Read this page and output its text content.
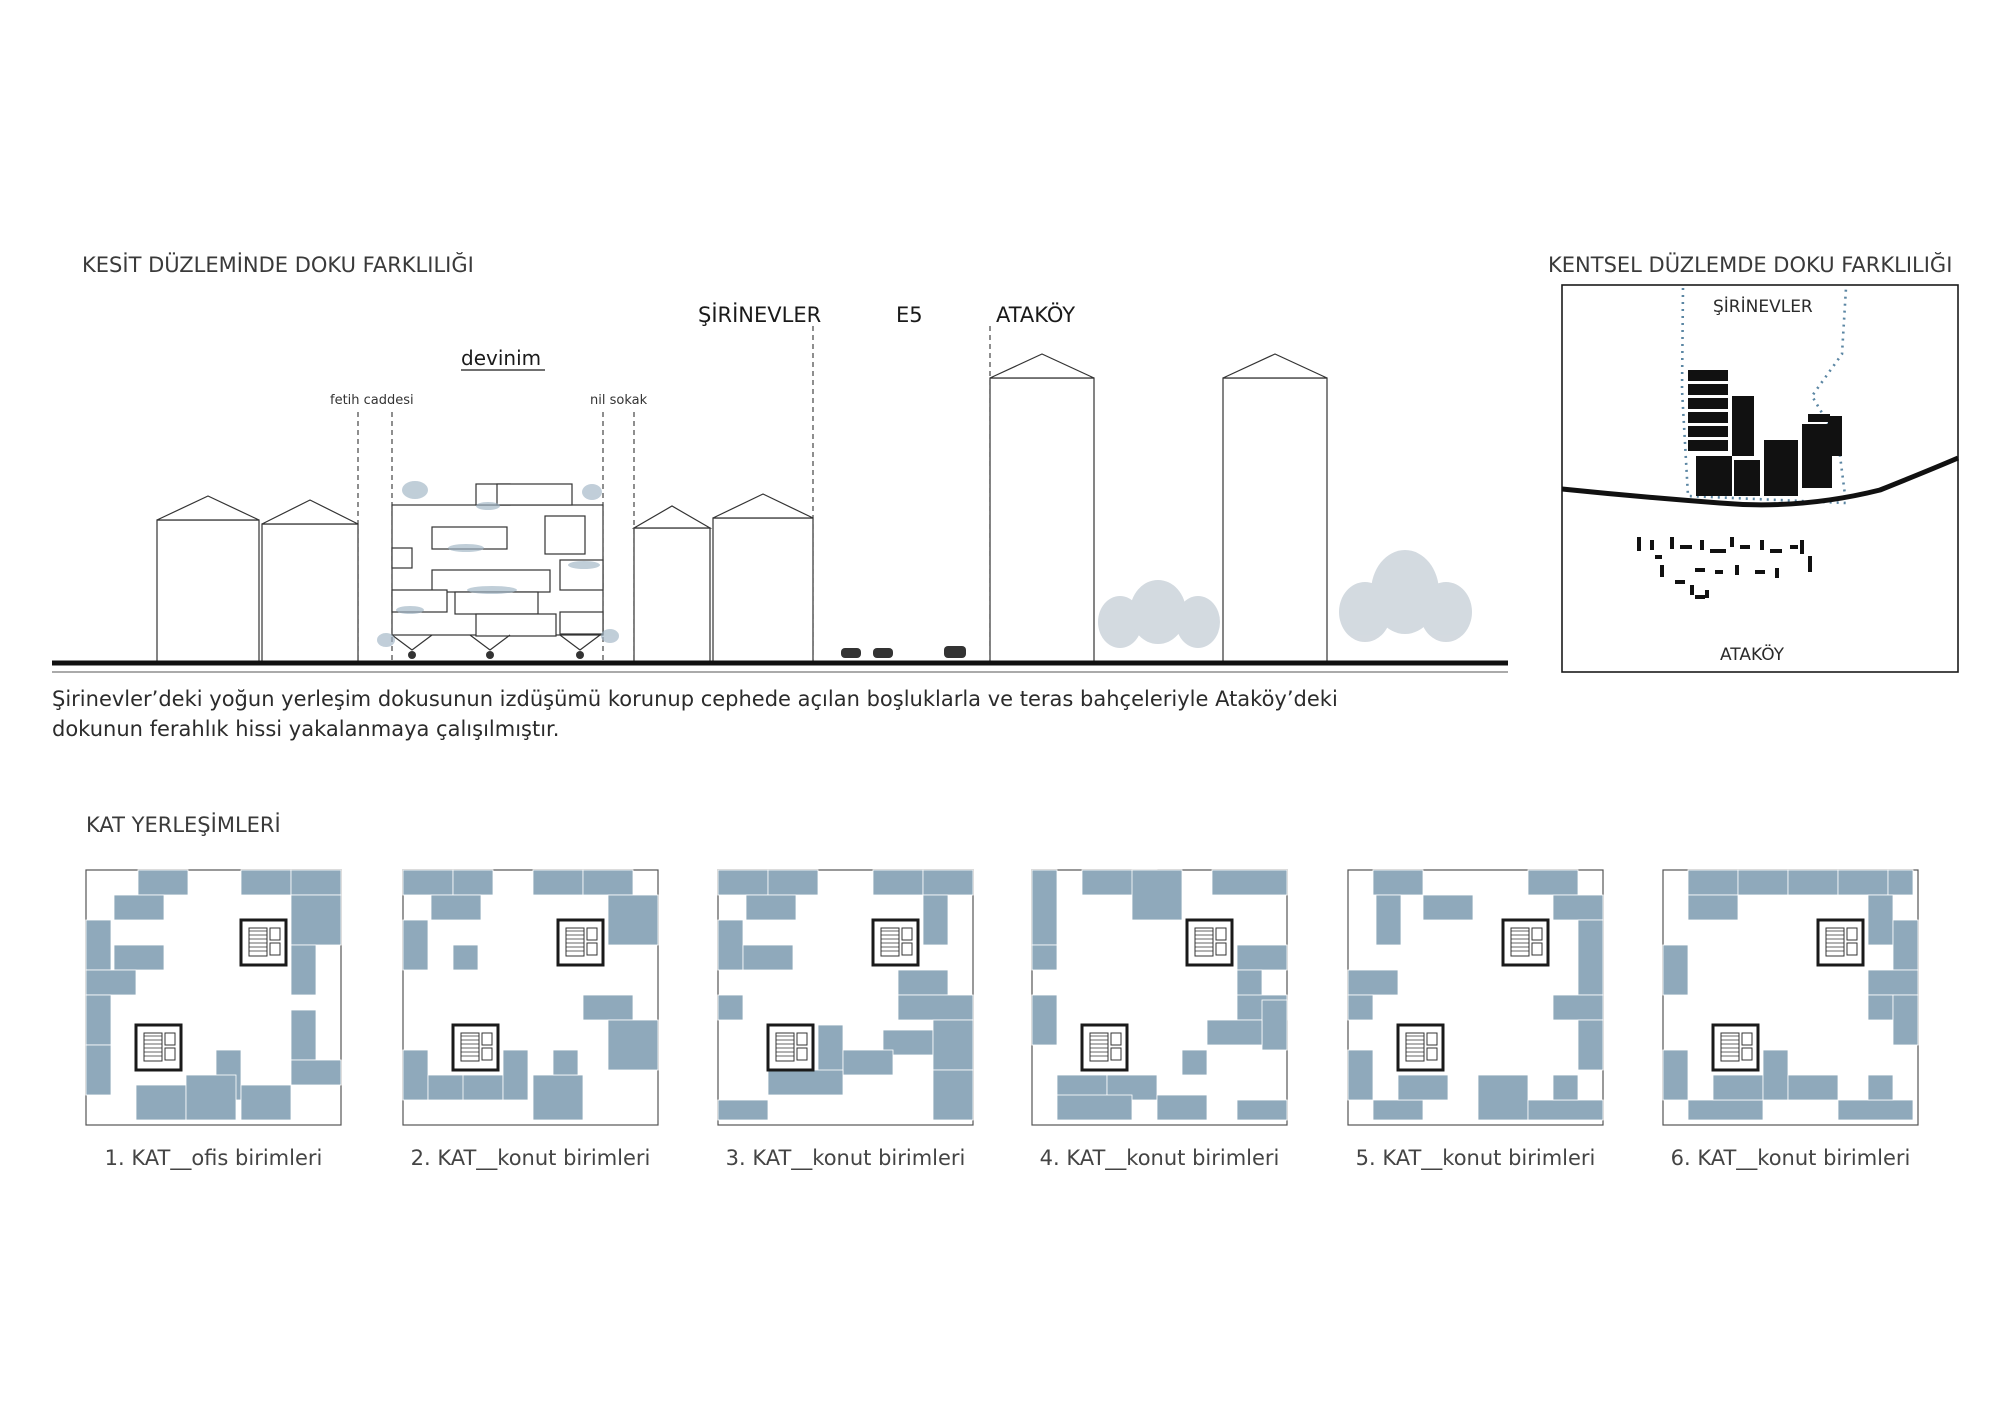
KESİT DÜZLEMİNDE DOKU FARKLILIĞI
ŞİRİNEVLER	E5	ATAKÖY
devinim
fetih caddesi	nil sokak
Şirinevler’deki yoğun yerleşim dokusunun izdüşümü korunup cephede açılan boşluklarla ve teras bahçeleriyle Ataköy’deki
dokunun ferahlık hissi yakalanmaya çalışılmıştır.
KENTSEL DÜZLEMDE DOKU FARKLILIĞI
ŞİRİNEVLER
ATAKÖY
KAT YERLEŞİMLERİ
1. KAT__ofis birimleri	2. KAT__konut birimleri	3. KAT__konut birimleri	4. KAT__konut birimleri	5. KAT__konut birimleri	6. KAT__konut birimleri
